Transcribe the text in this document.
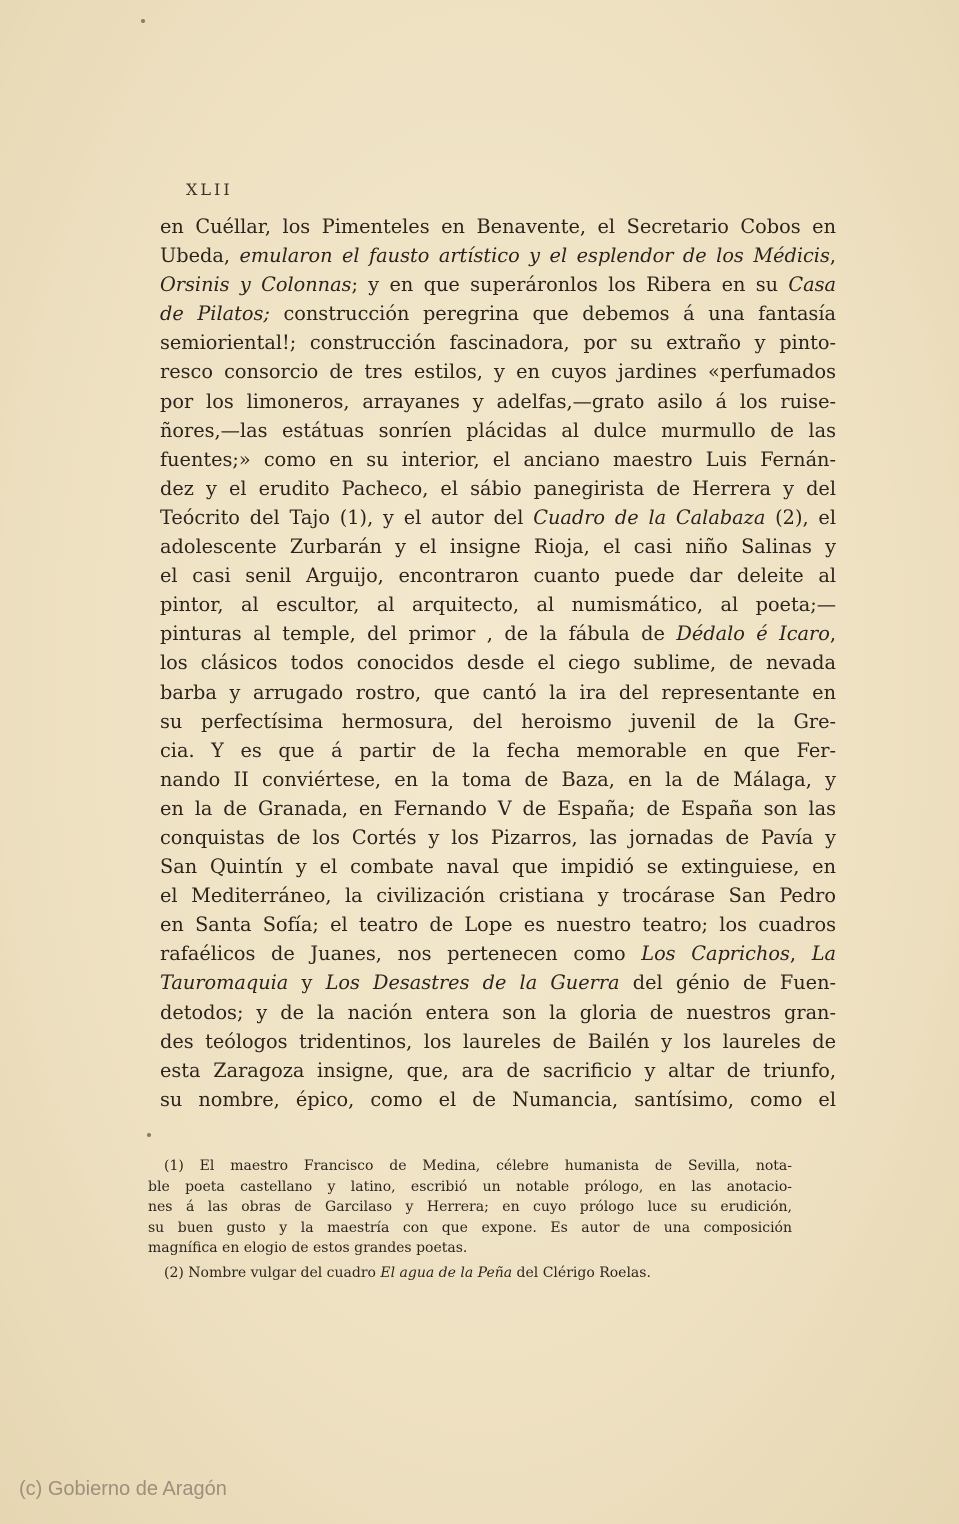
XLII
en Cuéllar, los Pimenteles en Benavente, el Secretario Cobos en
Ubeda, emularon el fausto artístico y el esplendor de los Médicis,
Orsinis y Colonnas; y en que superáronlos los Ribera en su Casa
de Pilatos; construcción peregrina que debemos á una fantasía
semioriental!; construcción fascinadora, por su extraño y pinto-
resco consorcio de tres estilos, y en cuyos jardines «perfumados
por los limoneros, arrayanes y adelfas,—grato asilo á los ruise-
ñores,—las estátuas sonríen plácidas al dulce murmullo de las
fuentes;» como en su interior, el anciano maestro Luis Fernán-
dez y el erudito Pacheco, el sábio panegirista de Herrera y del
Teócrito del Tajo (1), y el autor del Cuadro de la Calabaza (2), el
adolescente Zurbarán y el insigne Rioja, el casi niño Salinas y
el casi senil Arguijo, encontraron cuanto puede dar deleite al
pintor, al escultor, al arquitecto, al numismático, al poeta;—
pinturas al temple, del primor , de la fábula de Dédalo é Icaro,
los clásicos todos conocidos desde el ciego sublime, de nevada
barba y arrugado rostro, que cantó la ira del representante en
su perfectísima hermosura, del heroismo juvenil de la Gre-
cia. Y es que á partir de la fecha memorable en que Fer-
nando II conviértese, en la toma de Baza, en la de Málaga, y
en la de Granada, en Fernando V de España; de España son las
conquistas de los Cortés y los Pizarros, las jornadas de Pavía y
San Quintín y el combate naval que impidió se extinguiese, en
el Mediterráneo, la civilización cristiana y trocárase San Pedro
en Santa Sofía; el teatro de Lope es nuestro teatro; los cuadros
rafaélicos de Juanes, nos pertenecen como Los Caprichos, La
Tauromaquia y Los Desastres de la Guerra del génio de Fuen-
detodos; y de la nación entera son la gloria de nuestros gran-
des teólogos tridentinos, los laureles de Bailén y los laureles de
esta Zaragoza insigne, que, ara de sacrificio y altar de triunfo,
su nombre, épico, como el de Numancia, santísimo, como el
(1) El maestro Francisco de Medina, célebre humanista de Sevilla, nota-
ble poeta castellano y latino, escribió un notable prólogo, en las anotacio-
nes á las obras de Garcilaso y Herrera; en cuyo prólogo luce su erudición,
su buen gusto y la maestría con que expone. Es autor de una composición
magnífica en elogio de estos grandes poetas.
(2) Nombre vulgar del cuadro El agua de la Peña del Clérigo Roelas.
(c) Gobierno de Aragón
